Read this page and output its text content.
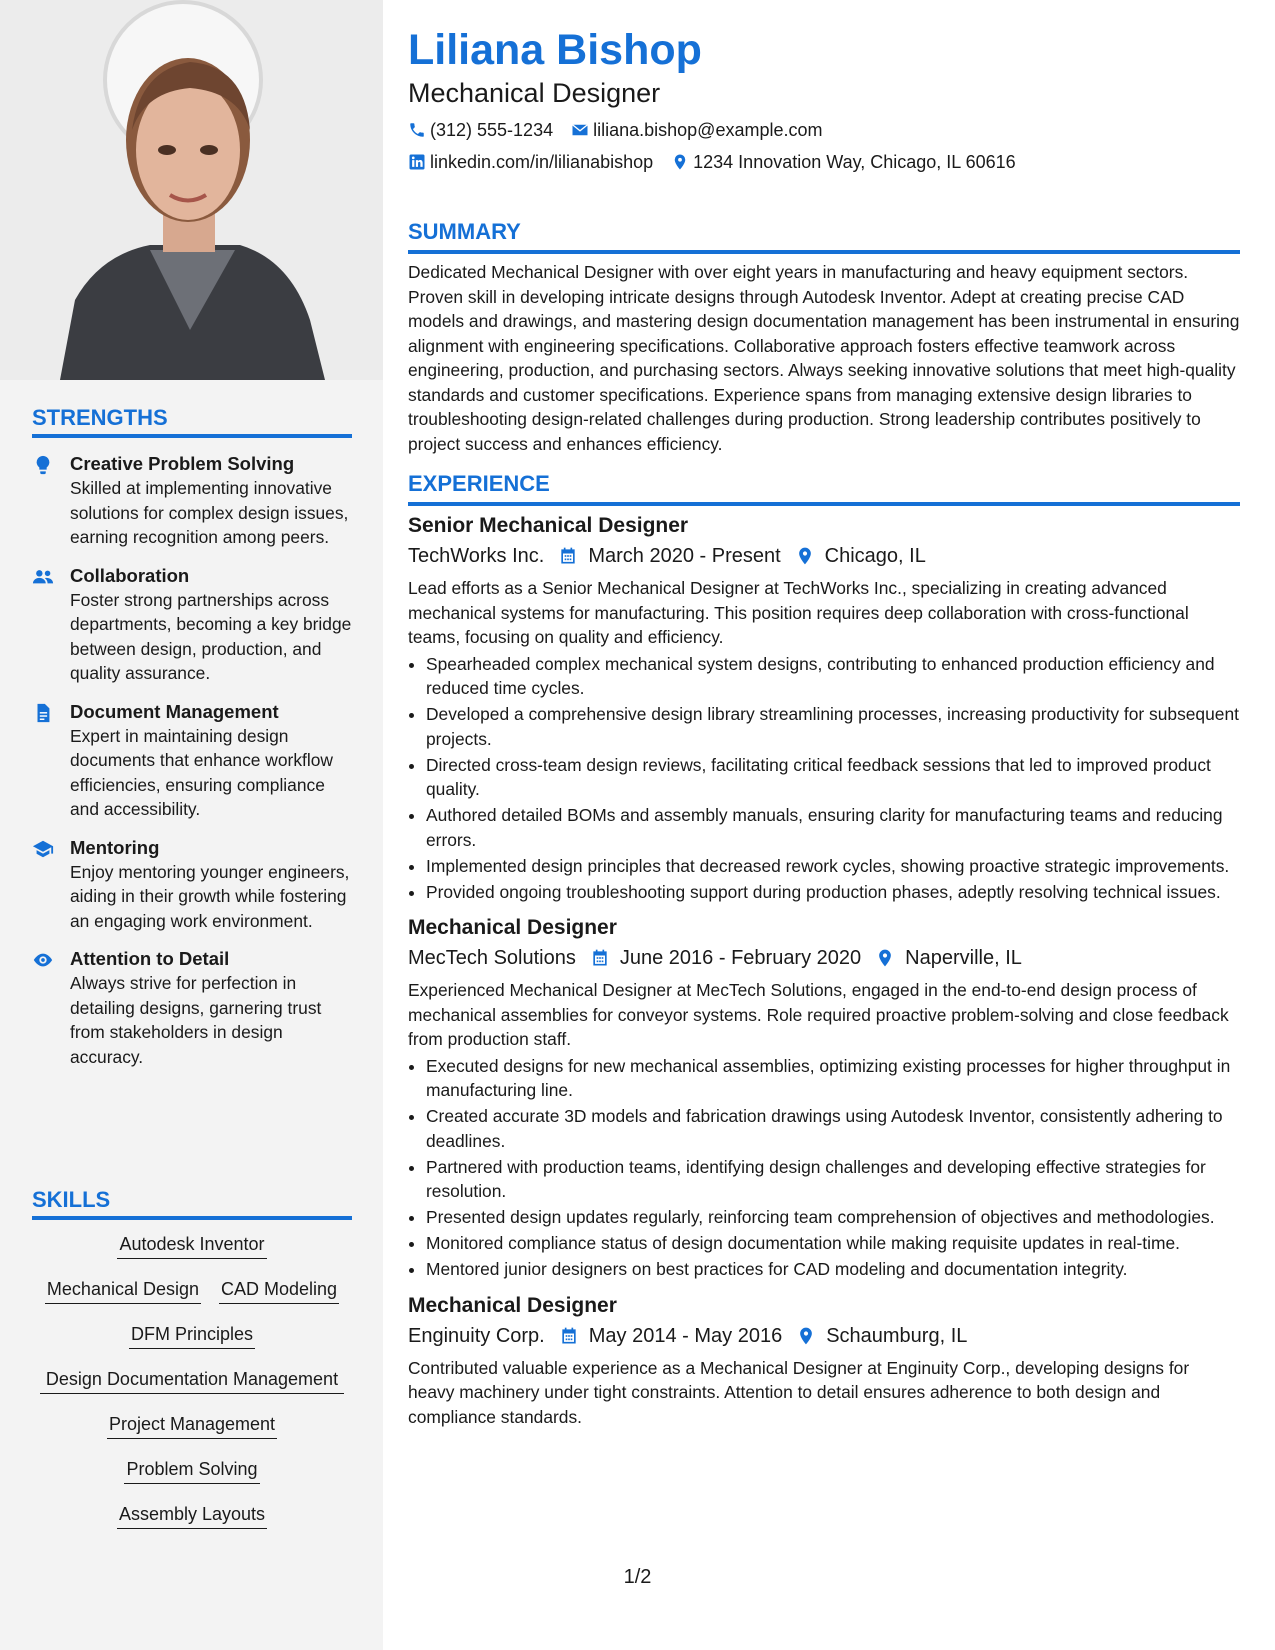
STRENGTHS
Creative Problem Solving
Skilled at implementing innovative solutions for complex design issues, earning recognition among peers.
Collaboration
Foster strong partnerships across departments, becoming a key bridge between design, production, and quality assurance.
Document Management
Expert in maintaining design documents that enhance workflow efficiencies, ensuring compliance and accessibility.
Mentoring
Enjoy mentoring younger engineers, aiding in their growth while fostering an engaging work environment.
Attention to Detail
Always strive for perfection in detailing designs, garnering trust from stakeholders in design accuracy.
SKILLS
Autodesk Inventor
Mechanical Design CAD Modeling
DFM Principles
Design Documentation Management
Project Management
Problem Solving
Assembly Layouts
Liliana Bishop
Mechanical Designer
(312) 555-1234 liliana.bishop@example.com
linkedin.com/in/lilianabishop 1234 Innovation Way, Chicago, IL 60616
SUMMARY
Dedicated Mechanical Designer with over eight years in manufacturing and heavy equipment sectors. Proven skill in developing intricate designs through Autodesk Inventor. Adept at creating precise CAD models and drawings, and mastering design documentation management has been instrumental in ensuring alignment with engineering specifications. Collaborative approach fosters effective teamwork across engineering, production, and purchasing sectors. Always seeking innovative solutions that meet high-quality standards and customer specifications. Experience spans from managing extensive design libraries to troubleshooting design-related challenges during production. Strong leadership contributes positively to project success and enhances efficiency.
EXPERIENCE
Senior Mechanical Designer
TechWorks Inc. March 2020 - Present Chicago, IL
Lead efforts as a Senior Mechanical Designer at TechWorks Inc., specializing in creating advanced mechanical systems for manufacturing. This position requires deep collaboration with cross-functional teams, focusing on quality and efficiency.
• Spearheaded complex mechanical system designs, contributing to enhanced production efficiency and reduced time cycles.
• Developed a comprehensive design library streamlining processes, increasing productivity for subsequent projects.
• Directed cross-team design reviews, facilitating critical feedback sessions that led to improved product quality.
• Authored detailed BOMs and assembly manuals, ensuring clarity for manufacturing teams and reducing errors.
• Implemented design principles that decreased rework cycles, showing proactive strategic improvements.
• Provided ongoing troubleshooting support during production phases, adeptly resolving technical issues.
Mechanical Designer
MecTech Solutions June 2016 - February 2020 Naperville, IL
Experienced Mechanical Designer at MecTech Solutions, engaged in the end-to-end design process of mechanical assemblies for conveyor systems. Role required proactive problem-solving and close feedback from production staff.
• Executed designs for new mechanical assemblies, optimizing existing processes for higher throughput in manufacturing line.
• Created accurate 3D models and fabrication drawings using Autodesk Inventor, consistently adhering to deadlines.
• Partnered with production teams, identifying design challenges and developing effective strategies for resolution.
• Presented design updates regularly, reinforcing team comprehension of objectives and methodologies.
• Monitored compliance status of design documentation while making requisite updates in real-time.
• Mentored junior designers on best practices for CAD modeling and documentation integrity.
Mechanical Designer
Enginuity Corp. May 2014 - May 2016 Schaumburg, IL
Contributed valuable experience as a Mechanical Designer at Enginuity Corp., developing designs for heavy machinery under tight constraints. Attention to detail ensures adherence to both design and compliance standards.
1/2
